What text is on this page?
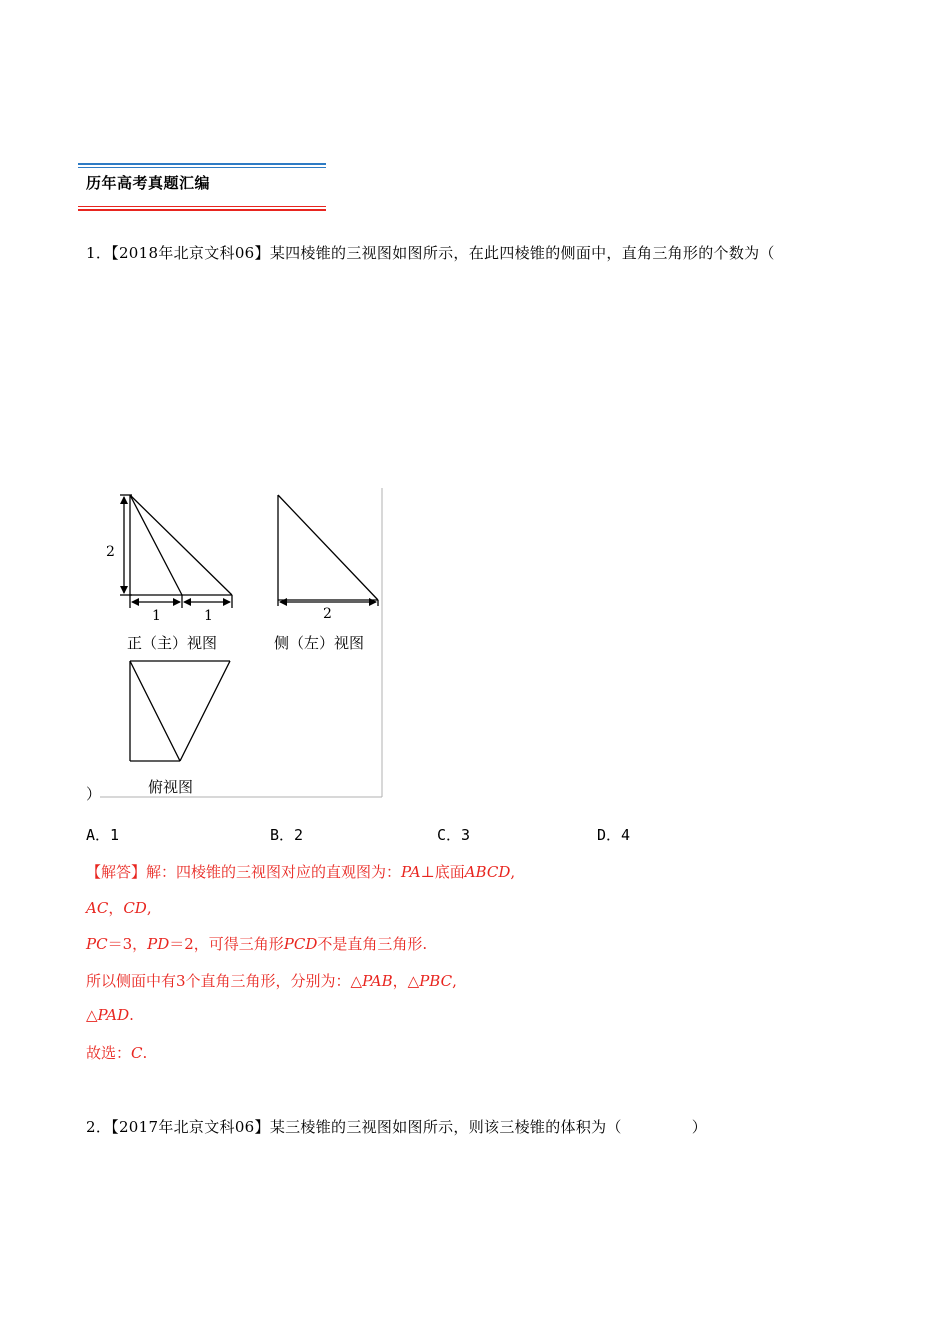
历年高考真题汇编
1．【2018年北京文科06】某四棱锥的三视图如图所示，在此四棱锥的侧面中，直角三角形的个数为（
2
1	1
正（主）视图
2
侧（左）视图
俯视图
）
A．1	B．2	C．3	D．4
【解答】解：四棱锥的三视图对应的直观图为：PA⊥底面ABCD,
AC，CD,
PC＝3，PD＝2，可得三角形PCD不是直角三角形.
所以侧面中有3个直角三角形，分别为：△PAB，△PBC,
△PAD.
故选：C.
2．【2017年北京文科06】某三棱锥的三视图如图所示，则该三棱锥的体积为（	）
